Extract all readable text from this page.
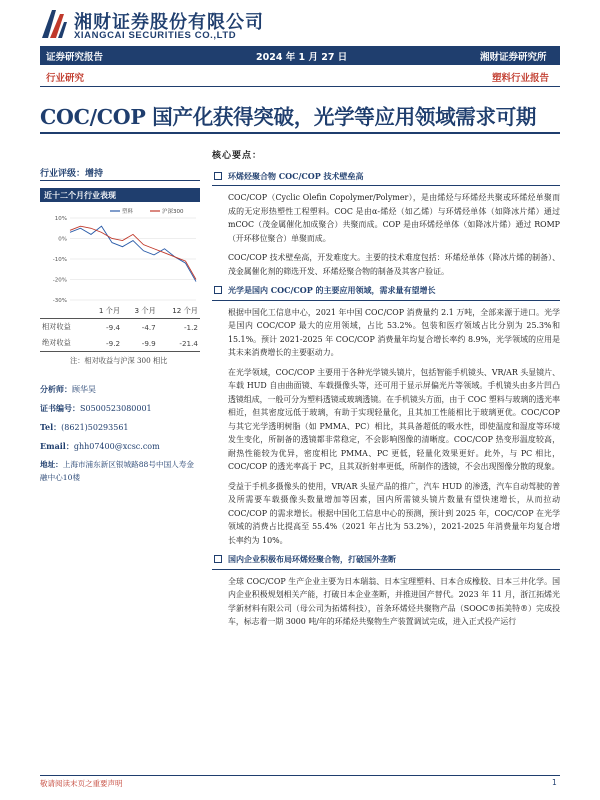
湘财证券股份有限公司
XIANGCAI SECURITIES CO.,LTD
证券研究报告	2024 年 1 月 27 日	湘财证券研究所
行业研究	塑料行业报告
COC/COP 国产化获得突破，光学等应用领域需求可期
行业评级：增持
近十二个月行业表现
10%
0%
-10%
-20%
-30%
塑料	沪深300
	1 个月	3 个月	12 个月
相对收益	-9.4	-4.7	-1.2
绝对收益	-9.2	-9.9	-21.4
注：相对收益与沪深 300 相比
分析师：顾华昊
证书编号：S0500523080001
Tel：(8621)50293561
Email：ghh07400@xcsc.com
地址：上海市浦东新区银城路88号中国人寿金融中心10楼
核心要点：
环烯烃聚合物 COC/COP 技术壁垒高
COC/COP（Cyclic Olefin Copolymer/Polymer），是由烯烃与环烯烃共聚或环烯烃单聚而成的无定形热塑性工程塑料。COC 是由α-烯烃（如乙烯）与环烯烃单体（如降冰片烯）通过 mCOC（茂金属催化加成聚合）共聚而成。COP 是由环烯烃单体（如降冰片烯）通过 ROMP（开环移位聚合）单聚而成。
COC/COP 技术壁垒高，开发难度大。主要的技术难度包括：环烯烃单体（降冰片烯的制备）、茂金属催化剂的筛选开发、环烯烃聚合物的制备及其客户验证。
光学是国内 COC/COP 的主要应用领域，需求量有望增长
根据中国化工信息中心，2021 年中国 COC/COP 消费量约 2.1 万吨，全部来源于进口。光学是国内 COC/COP 最大的应用领域，占比 53.2%。包装和医疗领域占比分别为 25.3%和 15.1%。预计 2021-2025 年 COC/COP 消费量年均复合增长率约 8.9%，光学领域的应用是其未来消费增长的主要驱动力。
在光学领域，COC/COP 主要用于各种光学镜头镜片，包括智能手机镜头、VR/AR 头显镜片、车载 HUD 自由曲面镜、车载摄像头等，还可用于显示屏偏光片等领域。手机镜头由多片凹凸透镜组成，一般可分为塑料透镜或玻璃透镜。在手机镜头方面，由于 COC 塑料与玻璃的透光率相近，但其密度远低于玻璃，有助于实现轻量化，且其加工性能相比于玻璃更优。COC/COP 与其它光学透明树脂（如 PMMA、PC）相比，其具备超低的吸水性，即使温度和湿度等环境发生变化，所制备的透镜都非常稳定，不会影响图像的清晰度。COC/COP 热变形温度较高，耐热性能较为优异，密度相比 PMMA、PC 更低，轻量化效果更好。此外，与 PC 相比，COC/COP 的透光率高于 PC，且其双折射率更低，所制作的透镜，不会出现图像分散的现象。
受益于手机多摄像头的使用，VR/AR 头显产品的推广，汽车 HUD 的渗透，汽车自动驾驶的普及所需要车载摄像头数量增加等因素，国内所需镜头镜片数量有望快速增长，从而拉动 COC/COP 的需求增长。根据中国化工信息中心的预测，预计到 2025 年，COC/COP 在光学领域的消费占比提高至 55.4%（2021 年占比为 53.2%），2021-2025 年消费量年均复合增长率约为 10%。
国内企业积极布局环烯烃聚合物，打破国外垄断
全球 COC/COP 生产企业主要为日本瑞翁、日本宝理塑料、日本合成橡胶、日本三井化学。国内企业积极规划相关产能，打破日本企业垄断，并推进国产替代。2023 年 11 月，浙江拓烯光学新材料有限公司（母公司为拓烯科技），首条环烯烃共聚物产品（SOOC®拓美特®）完成投车，标志着一期 3000 吨/年的环烯烃共聚物生产装置调试完成，进入正式投产运行
敬请阅读末页之重要声明	1
